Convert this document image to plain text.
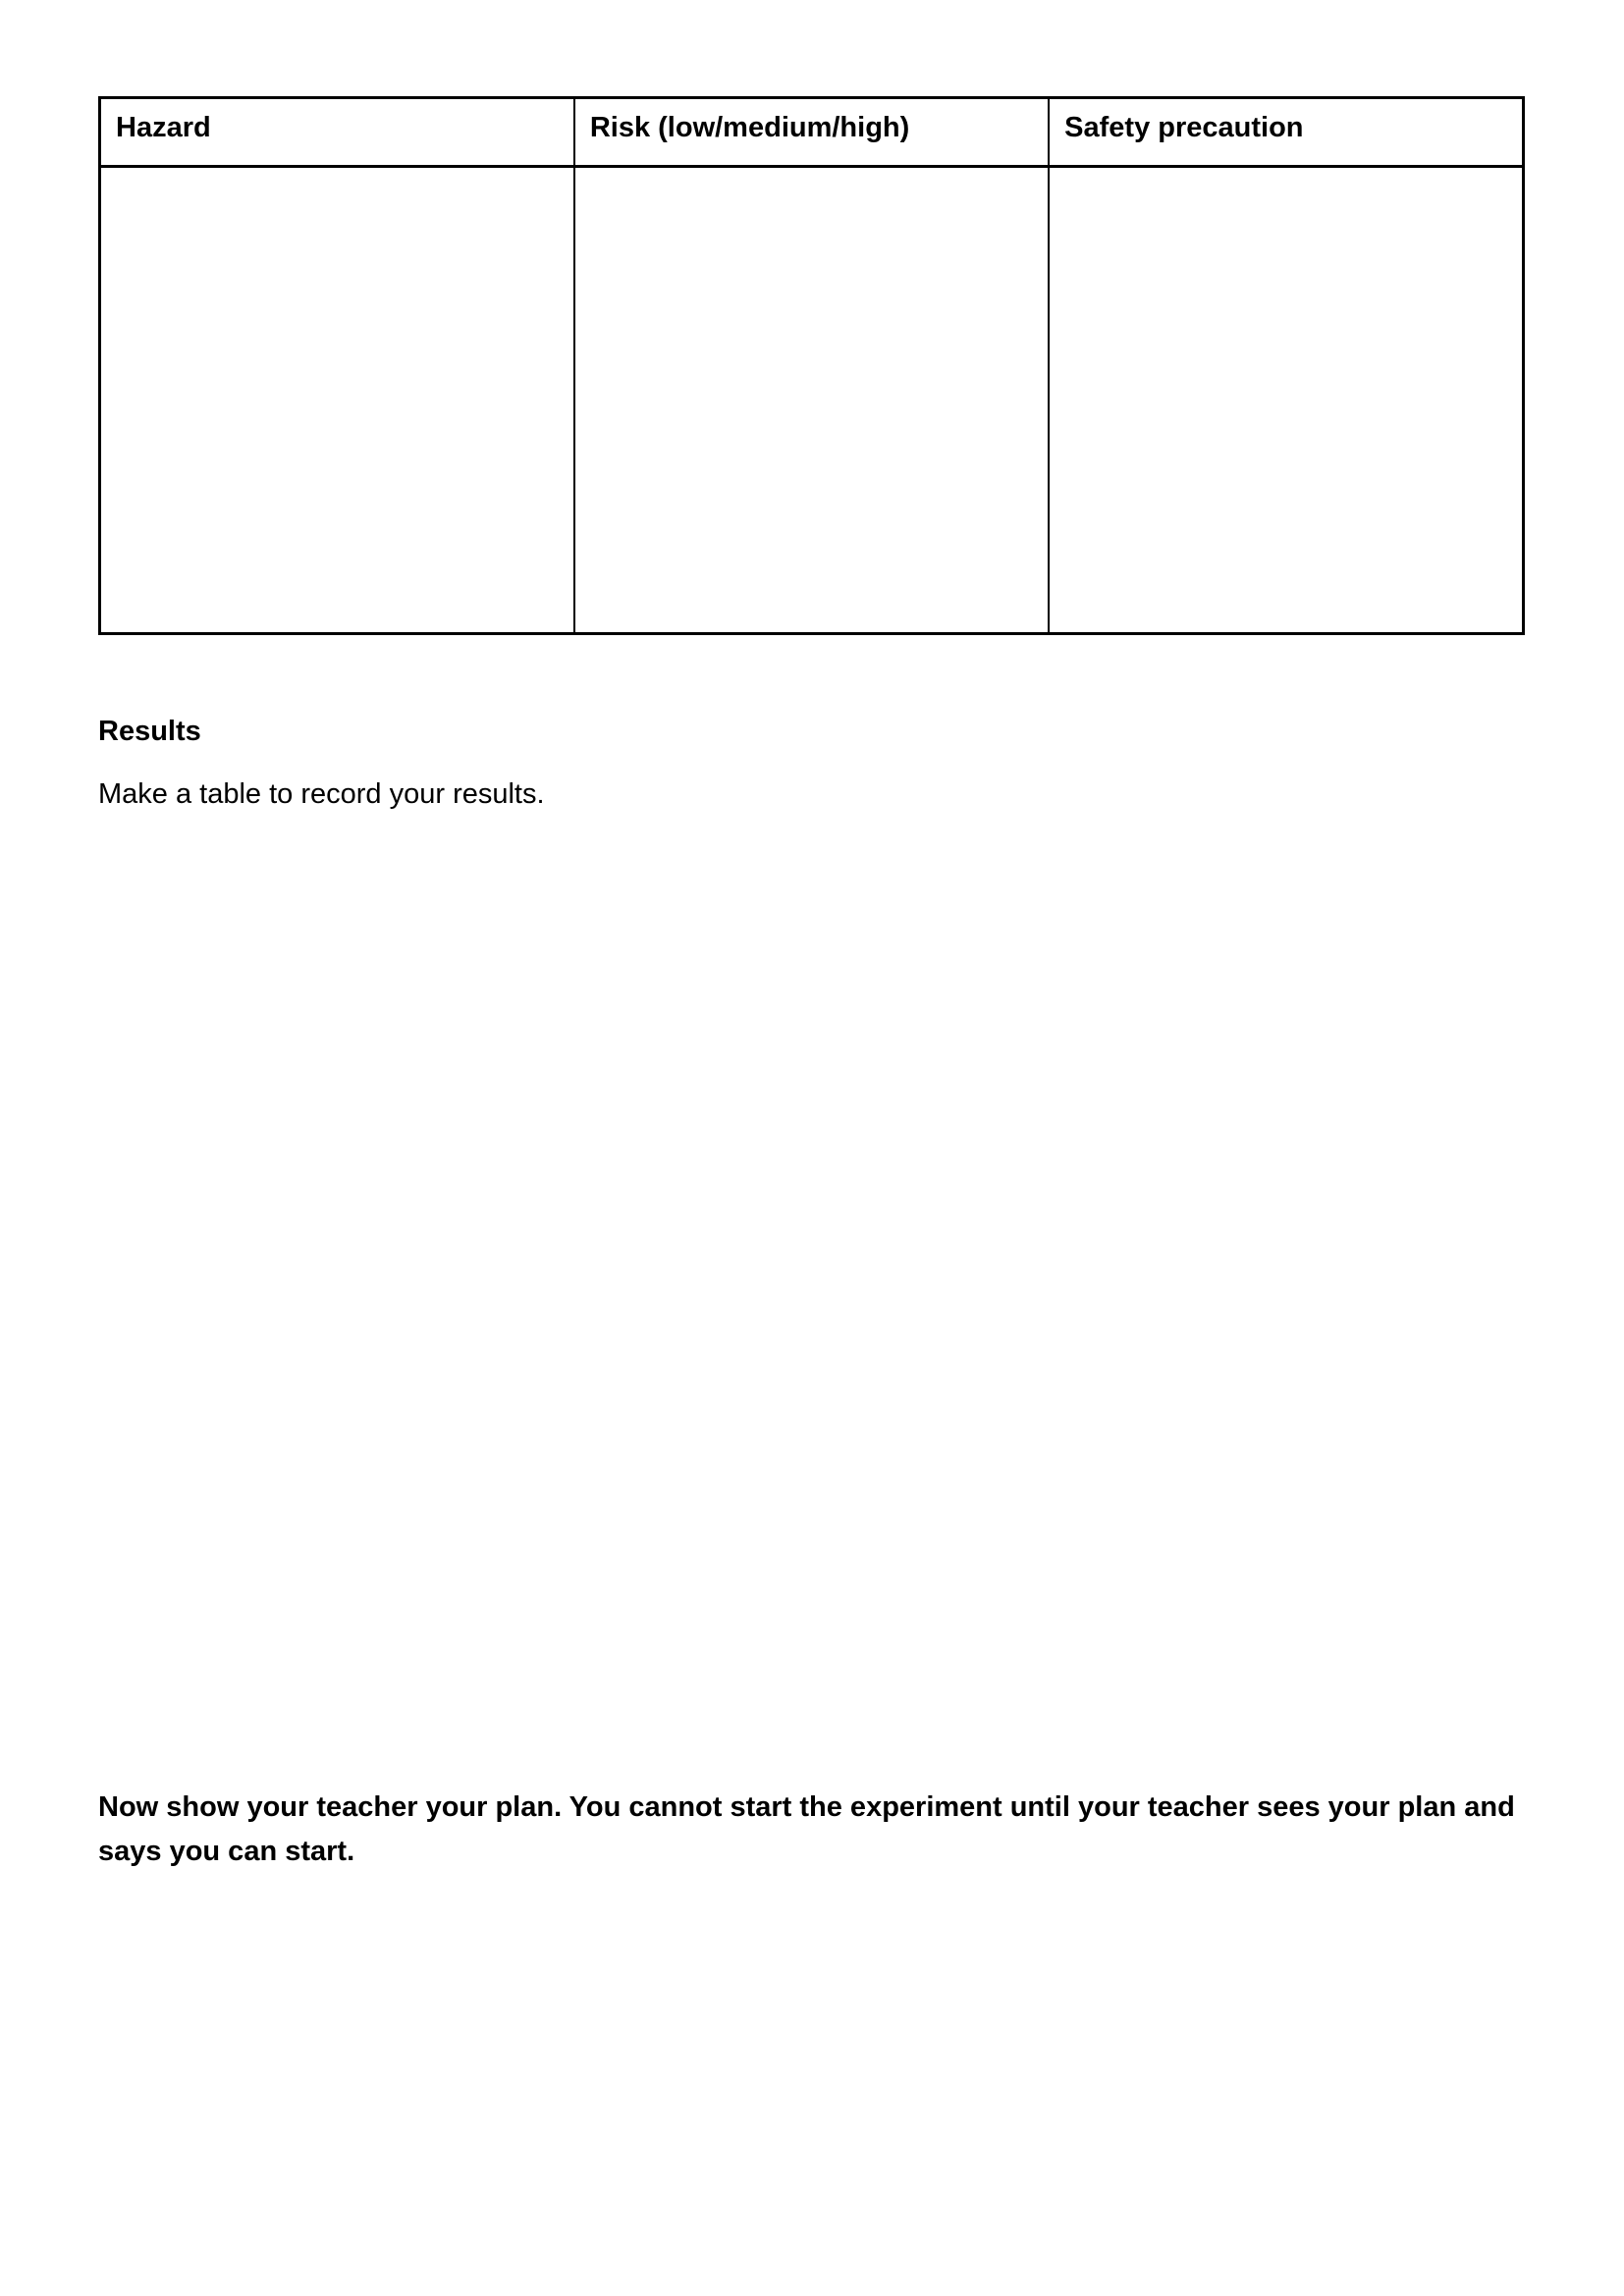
Hazard	Risk (low/medium/high)	Safety precaution

Results

Make a table to record your results.

Now show your teacher your plan. You cannot start the experiment until your teacher sees your plan and says you can start.
